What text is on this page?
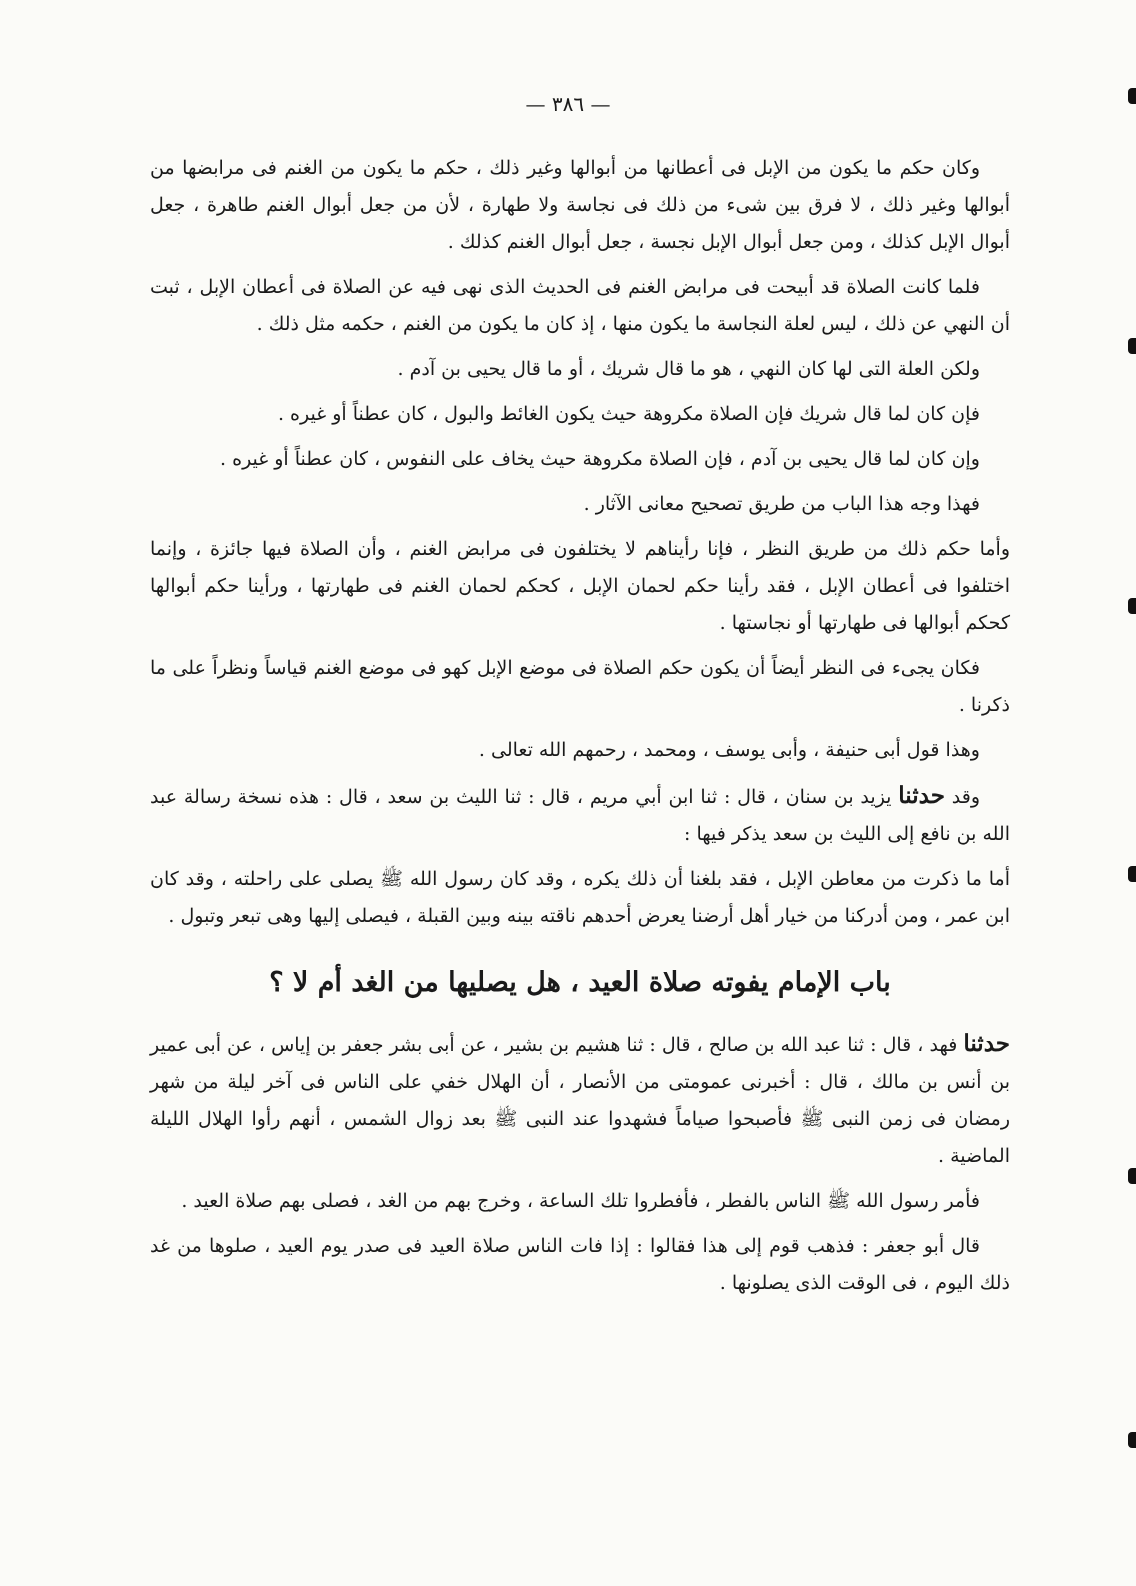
— ٣٨٦ —

وكان حكم ما يكون من الإبل فى أعطانها من أبوالها وغير ذلك ، حكم ما يكون من الغنم فى مرابضها من أبوالها وغير ذلك ، لا فرق بين شىء من ذلك فى نجاسة ولا طهارة ، لأن من جعل أبوال الغنم طاهرة ، جعل أبوال الإبل كذلك ، ومن جعل أبوال الإبل نجسة ، جعل أبوال الغنم كذلك .

فلما كانت الصلاة قد أبيحت فى مرابض الغنم فى الحديث الذى نهى فيه عن الصلاة فى أعطان الإبل ، ثبت أن النهي عن ذلك ، ليس لعلة النجاسة ما يكون منها ، إذ كان ما يكون من الغنم ، حكمه مثل ذلك .

ولكن العلة التى لها كان النهي ، هو ما قال شريك ، أو ما قال يحيى بن آدم .

فإن كان لما قال شريك فإن الصلاة مكروهة حيث يكون الغائط والبول ، كان عطناً أو غيره .

وإن كان لما قال يحيى بن آدم ، فإن الصلاة مكروهة حيث يخاف على النفوس ، كان عطناً أو غيره .

فهذا وجه هذا الباب من طريق تصحيح معانى الآثار .

وأما حكم ذلك من طريق النظر ، فإنا رأيناهم لا يختلفون فى مرابض الغنم ، وأن الصلاة فيها جائزة ، وإنما اختلفوا فى أعطان الإبل ، فقد رأينا حكم لحمان الإبل ، كحكم لحمان الغنم فى طهارتها ، ورأينا حكم أبوالها كحكم أبوالها فى طهارتها أو نجاستها .

فكان يجىء فى النظر أيضاً أن يكون حكم الصلاة فى موضع الإبل كهو فى موضع الغنم قياساً ونظراً على ما ذكرنا .

وهذا قول أبى حنيفة ، وأبى يوسف ، ومحمد ، رحمهم الله تعالى .

وقد حدثنا يزيد بن سنان ، قال : ثنا ابن أبي مريم ، قال : ثنا الليث بن سعد ، قال : هذه نسخة رسالة عبد الله بن نافع إلى الليث بن سعد يذكر فيها :

أما ما ذكرت من معاطن الإبل ، فقد بلغنا أن ذلك يكره ، وقد كان رسول الله ﷺ يصلى على راحلته ، وقد كان ابن عمر ، ومن أدركنا من خيار أهل أرضنا يعرض أحدهم ناقته بينه وبين القبلة ، فيصلى إليها وهى تبعر وتبول .

باب الإمام يفوته صلاة العيد ، هل يصليها من الغد أم لا ؟

حدثنا فهد ، قال : ثنا عبد الله بن صالح ، قال : ثنا هشيم بن بشير ، عن أبى بشر جعفر بن إياس ، عن أبى عمير بن أنس بن مالك ، قال : أخبرنى عمومتى من الأنصار ، أن الهلال خفي على الناس فى آخر ليلة من شهر رمضان فى زمن النبى ﷺ فأصبحوا صياماً فشهدوا عند النبى ﷺ بعد زوال الشمس ، أنهم رأوا الهلال الليلة الماضية .

فأمر رسول الله ﷺ الناس بالفطر ، فأفطروا تلك الساعة ، وخرج بهم من الغد ، فصلى بهم صلاة العيد .

قال أبو جعفر : فذهب قوم إلى هذا فقالوا : إذا فات الناس صلاة العيد فى صدر يوم العيد ، صلوها من غد ذلك اليوم ، فى الوقت الذى يصلونها .
